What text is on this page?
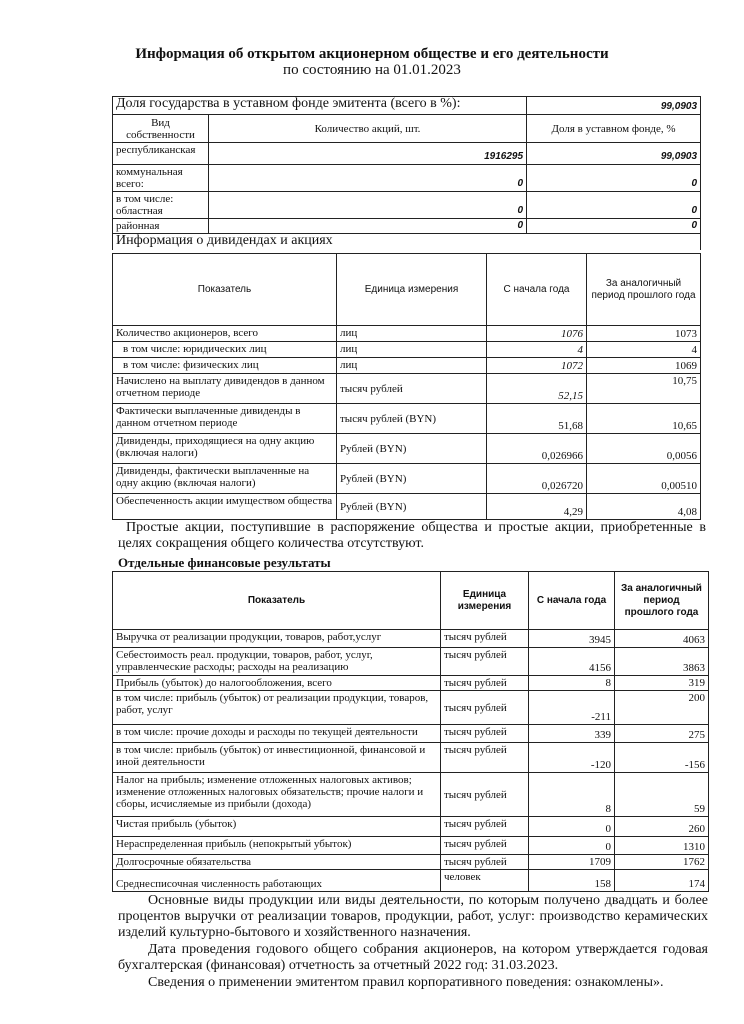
Информация об открытом акционерном обществе и его деятельности
по состоянию на 01.01.2023
Доля государства в уставном фонде эмитента (всего в %):		99,0903
Вид собственности	Количество акций, шт.	Доля в уставном фонде, %
республиканская	1916295	99,0903
коммунальная всего:	0	0
в том числе: областная	0	0
районная	0	0
Информация о дивидендах и акциях		
Показатель	Единица измерения	С начала года	За аналогичный период прошлого года
Количество акционеров, всего	лиц	1076	1073
в том числе: юридических лиц	лиц	4	4
в том числе: физических лиц	лиц	1072	1069
Начислено на выплату дивидендов в данном отчетном периоде	тысяч рублей	52,15	10,75
Фактически выплаченные дивиденды в данном отчетном периоде	тысяч рублей (BYN)	51,68	10,65
Дивиденды, приходящиеся на одну акцию (включая налоги)	Рублей (BYN)	0,026966	0,0056
Дивиденды, фактически выплаченные на одну акцию (включая налоги)	Рублей (BYN)	0,026720	0,00510
Обеспеченность акции имуществом общества	Рублей (BYN)	4,29	4,08
Простые акции, поступившие в распоряжение общества и простые акции, приобретенные в целях сокращения общего количества отсутствуют.
Отдельные финансовые результаты
Показатель	Единица измерения	С начала года	За аналогичный период прошлого года
Выручка от реализации продукции, товаров, работ,услуг	тысяч рублей	3945	4063
Себестоимость реал. продукции, товаров, работ, услуг, управленческие расходы; расходы на реализацию	тысяч рублей	4156	3863
Прибыль (убыток) до налогообложения, всего	тысяч рублей	8	319
в том числе: прибыль (убыток) от реализации продукции, товаров, работ, услуг	тысяч рублей	-211	200
в том числе: прочие доходы и расходы по текущей деятельности	тысяч рублей	339	275
в том числе: прибыль (убыток) от инвестиционной, финансовой и иной деятельности	тысяч рублей	-120	-156
Налог на прибыль; изменение отложенных налоговых активов; изменение отложенных налоговых обязательств; прочие налоги и сборы, исчисляемые из прибыли (дохода)	тысяч рублей	8	59
Чистая прибыль (убыток)	тысяч рублей	0	260
Нераспределенная прибыль (непокрытый убыток)	тысяч рублей	0	1310
Долгосрочные обязательства	тысяч рублей	1709	1762
Среднесписочная численность работающих	человек	158	174
Основные виды продукции или виды деятельности, по которым получено двадцать и более процентов выручки от реализации товаров, продукции, работ, услуг: производство керамических изделий культурно-бытового и хозяйственного назначения.
Дата проведения годового общего собрания акционеров, на котором утверждается годовая бухгалтерская (финансовая) отчетность за отчетный 2022 год: 31.03.2023.
Сведения о применении эмитентом правил корпоративного поведения: ознакомлены».
